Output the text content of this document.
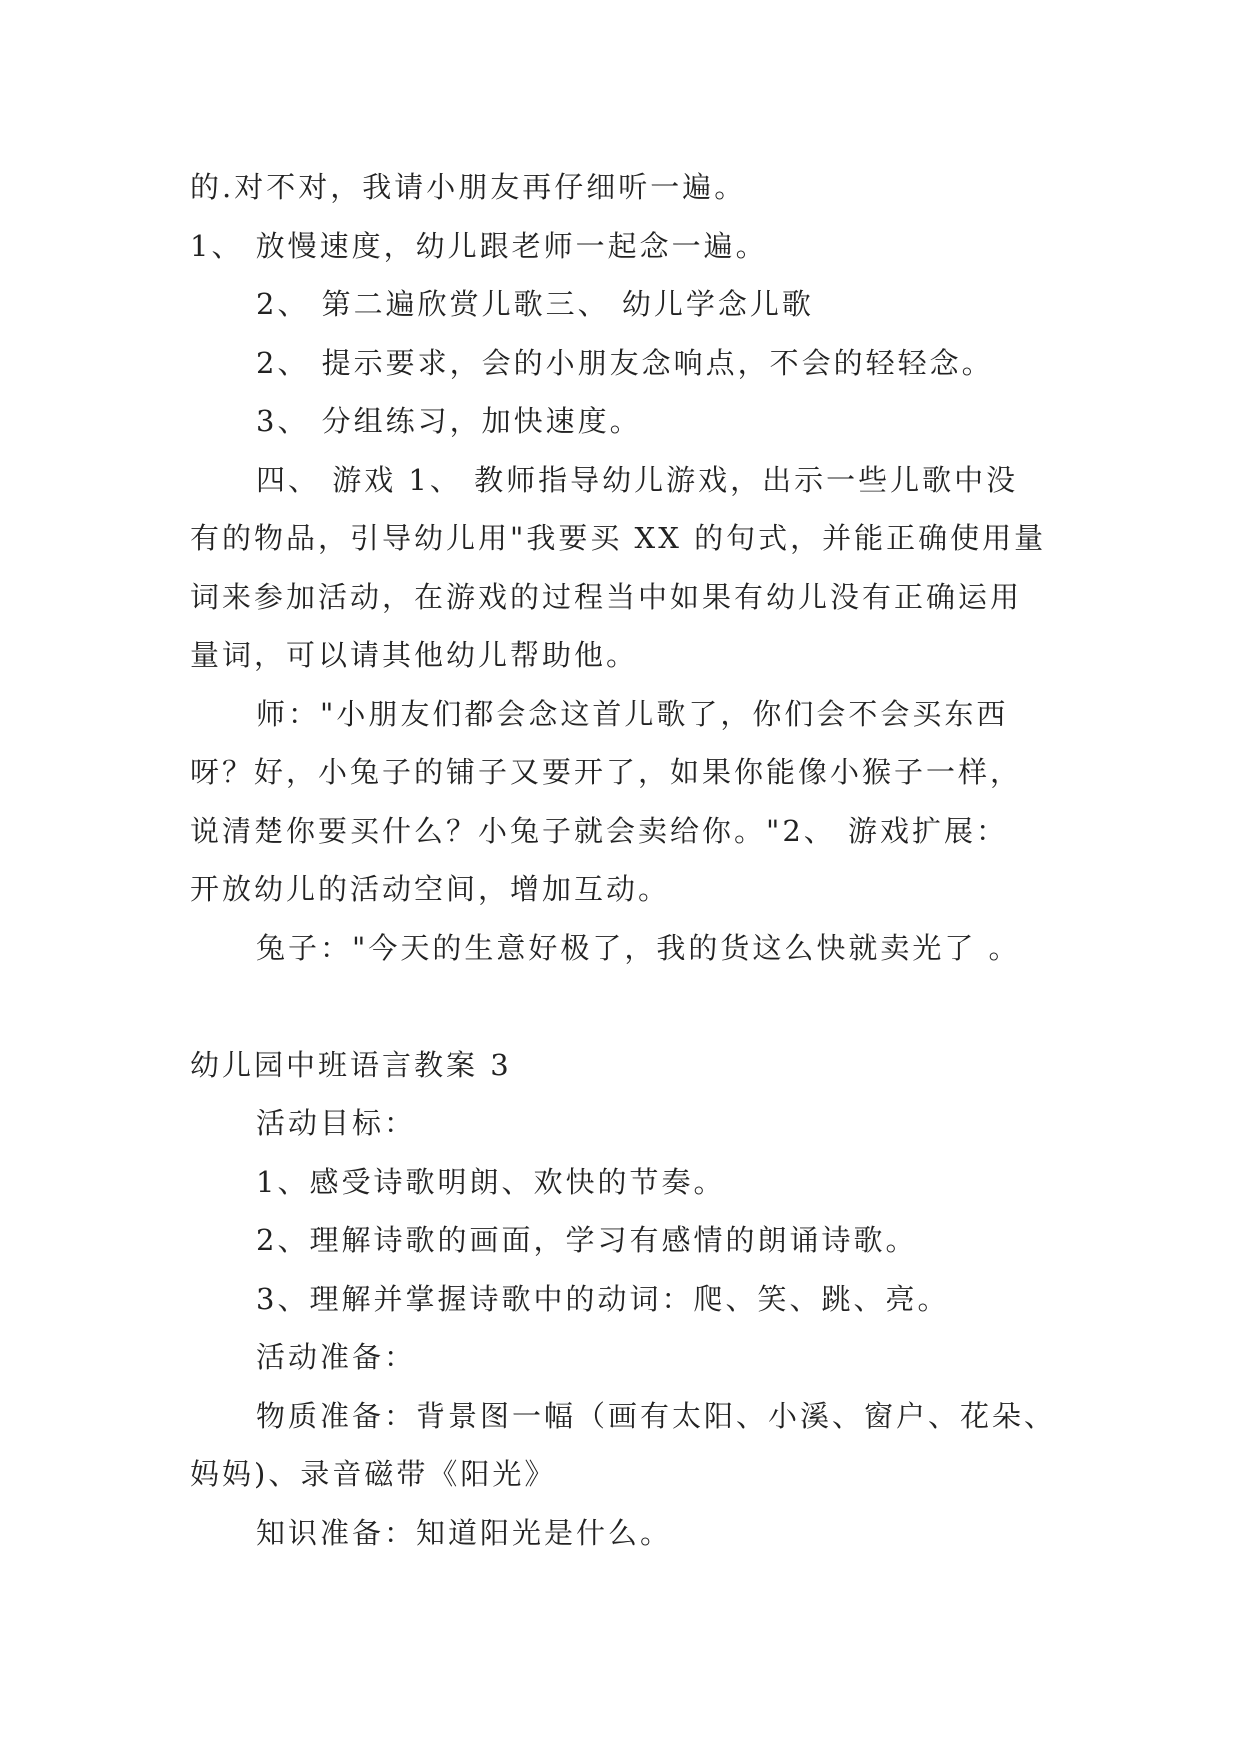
的.对不对，我请小朋友再仔细听一遍。

1、 放慢速度，幼儿跟老师一起念一遍。

2、 第二遍欣赏儿歌三、 幼儿学念儿歌

2、 提示要求，会的小朋友念响点，不会的轻轻念。

3、 分组练习，加快速度。

四、 游戏 1、 教师指导幼儿游戏，出示一些儿歌中没

有的物品，引导幼儿用"我要买 XX 的句式，并能正确使用量

词来参加活动，在游戏的过程当中如果有幼儿没有正确运用

量词，可以请其他幼儿帮助他。

师："小朋友们都会念这首儿歌了，你们会不会买东西

呀？好，小兔子的铺子又要开了，如果你能像小猴子一样，

说清楚你要买什么？小兔子就会卖给你。"2、 游戏扩展：

开放幼儿的活动空间，增加互动。

兔子："今天的生意好极了，我的货这么快就卖光了 。

幼儿园中班语言教案 3

活动目标：

1、感受诗歌明朗、欢快的节奏。

2、理解诗歌的画面，学习有感情的朗诵诗歌。

3、理解并掌握诗歌中的动词：爬、笑、跳、亮。

活动准备：

物质准备：背景图一幅（画有太阳、小溪、窗户、花朵、

妈妈)、录音磁带《阳光》

知识准备：知道阳光是什么。
